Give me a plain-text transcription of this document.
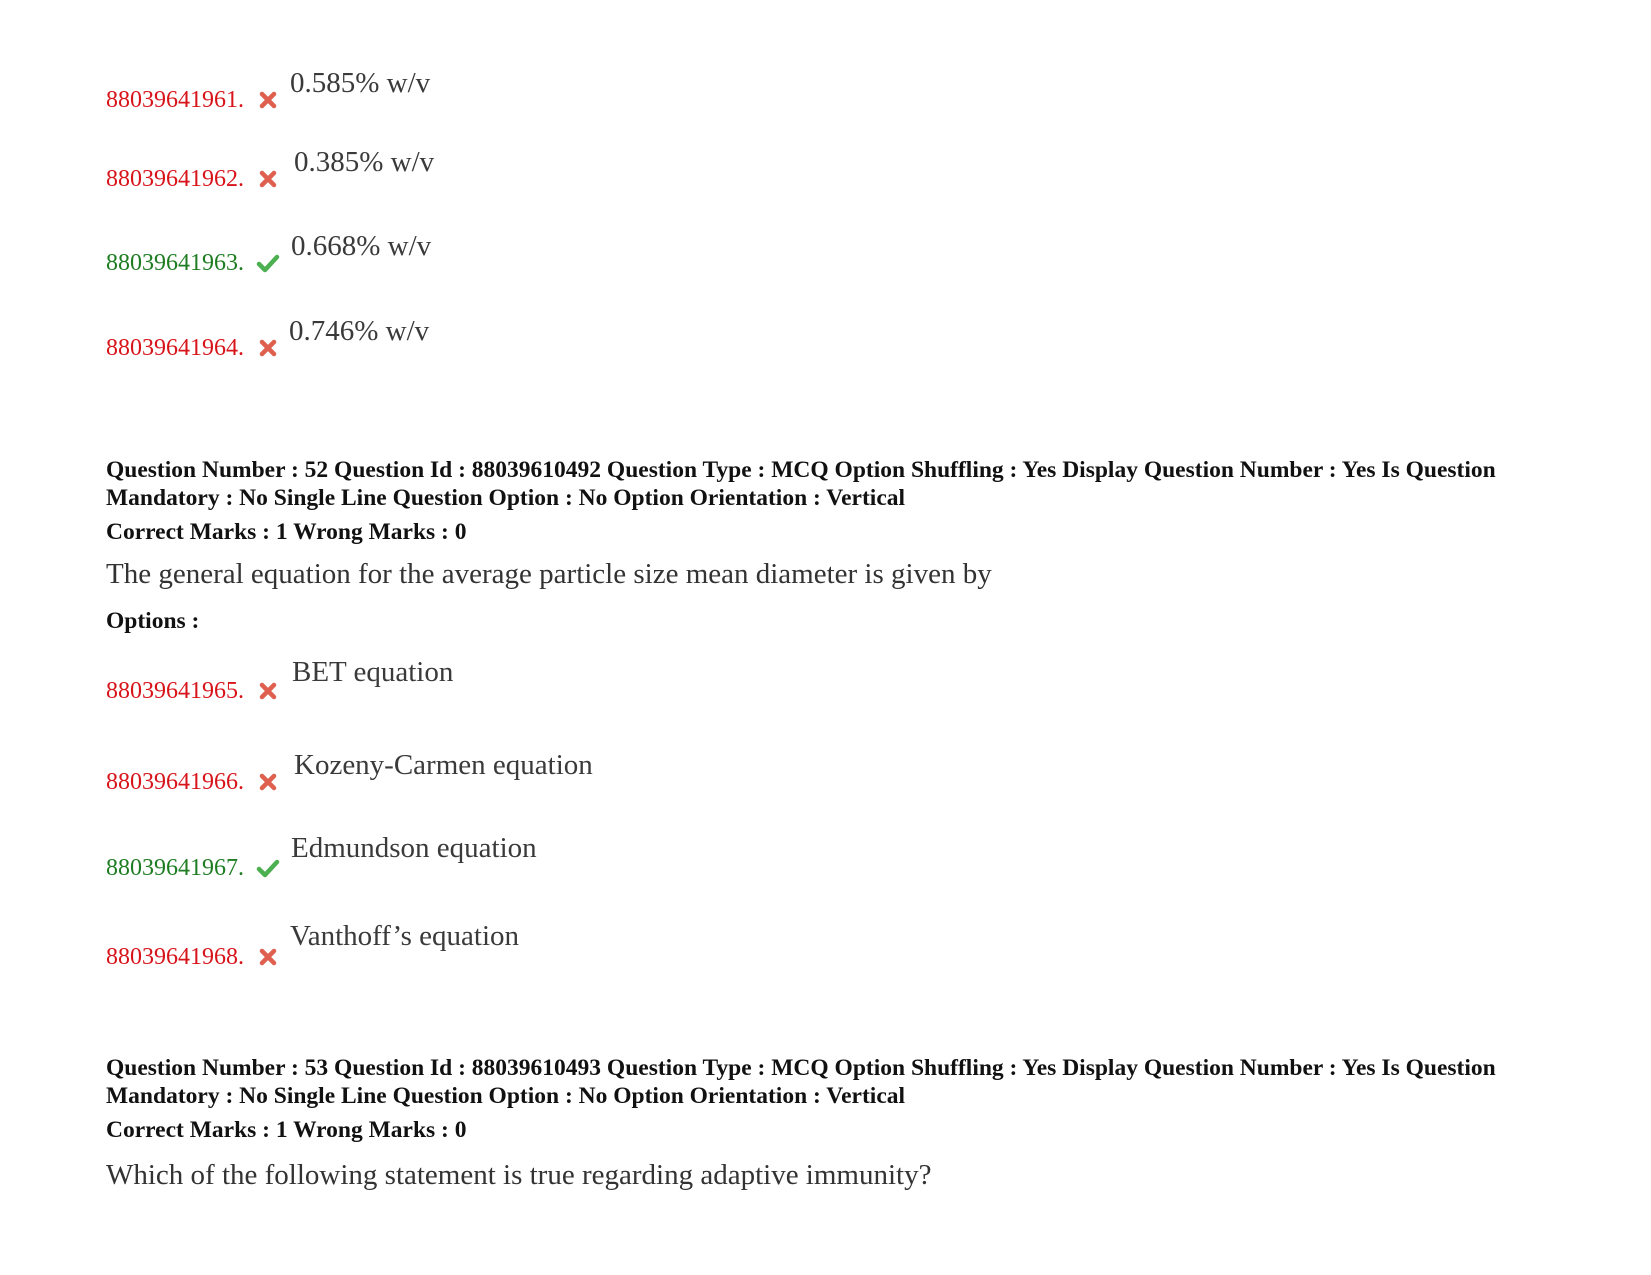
88039641961.
0.585% w/v
88039641962.
0.385% w/v
88039641963.
0.668% w/v
88039641964.
0.746% w/v
Question Number : 52 Question Id : 88039610492 Question Type : MCQ Option Shuffling : Yes Display Question Number : Yes Is Question Mandatory : No Single Line Question Option : No Option Orientation : Vertical
Correct Marks : 1 Wrong Marks : 0
The general equation for the average particle size mean diameter is given by
Options :
88039641965.
BET equation
88039641966.
Kozeny-Carmen equation
88039641967.
Edmundson equation
88039641968.
Vanthoff’s equation
Question Number : 53 Question Id : 88039610493 Question Type : MCQ Option Shuffling : Yes Display Question Number : Yes Is Question Mandatory : No Single Line Question Option : No Option Orientation : Vertical
Correct Marks : 1 Wrong Marks : 0
Which of the following statement is true regarding adaptive immunity?
